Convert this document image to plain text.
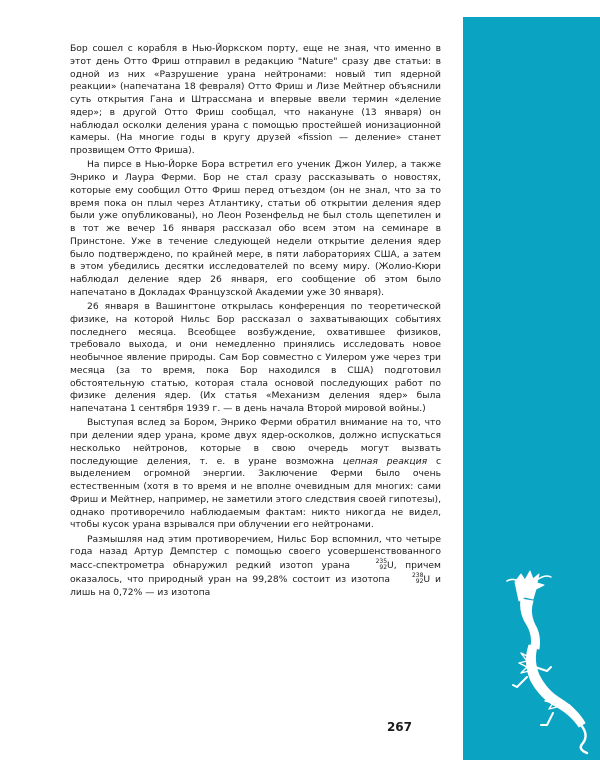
Бор сошел с корабля в Нью-Йоркском порту, еще не зная, что именно в этот день Отто Фриш отправил в редакцию "Nature" сразу две статьи: в одной из них «Разрушение урана нейтронами: новый тип ядерной реакции» (напечатана 18 февраля) Отто Фриш и Лизе Мейтнер объяснили суть открытия Гана и Штрассмана и впервые ввели термин «деление ядер»; в другой Отто Фриш сообщал, что накануне (13 января) он наблюдал осколки деления урана с помощью простейшей ионизационной камеры. (На многие годы в кругу друзей «fission — деление» станет прозвищем Отто Фриша).

На пирсе в Нью-Йорке Бора встретил его ученик Джон Уилер, а также Энрико и Лаура Ферми. Бор не стал сразу рассказывать о новостях, которые ему сообщил Отто Фриш перед отъездом (он не знал, что за то время пока он плыл через Атлантику, статьи об открытии деления ядер были уже опубликованы), но Леон Розенфельд не был столь щепетилен и в тот же вечер 16 января рассказал обо всем этом на семинаре в Принстоне. Уже в течение следующей недели открытие деления ядер было подтверждено, по крайней мере, в пяти лабораториях США, а затем в этом убедились десятки исследователей по всему миру. (Жолио-Кюри наблюдал деление ядер 26 января, его сообщение об этом было напечатано в Докладах Французской Академии уже 30 января).

26 января в Вашингтоне открылась конференция по теоретической физике, на которой Нильс Бор рассказал о захватывающих событиях последнего месяца. Всеобщее возбуждение, охватившее физиков, требовало выхода, и они немедленно принялись исследовать новое необычное явление природы. Сам Бор совместно с Уилером уже через три месяца (за то время, пока Бор находился в США) подготовил обстоятельную статью, которая стала основой последующих работ по физике деления ядер. (Их статья «Механизм деления ядер» была напечатана 1 сентября 1939 г. — в день начала Второй мировой войны.)

Выступая вслед за Бором, Энрико Ферми обратил внимание на то, что при делении ядер урана, кроме двух ядер-осколков, должно испускаться несколько нейтронов, которые в свою очередь могут вызвать последующие деления, т. е. в уране возможна цепная реакция с выделением огромной энергии. Заключение Ферми было очень естественным (хотя в то время и не вполне очевидным для многих: сами Фриш и Мейтнер, например, не заметили этого следствия своей гипотезы), однако противоречило наблюдаемым фактам: никто никогда не видел, чтобы кусок урана взрывался при облучении его нейтронами.

Размышляя над этим противоречием, Нильс Бор вспомнил, что четыре года назад Артур Демпстер с помощью своего усовершенствованного масс-спектрометра обнаружил редкий изотоп урана	235
92 U, причем оказалось, что природный уран на 99,28% состоит из изотопа	238
92 U и лишь на 0,72% — из изотопа

267
